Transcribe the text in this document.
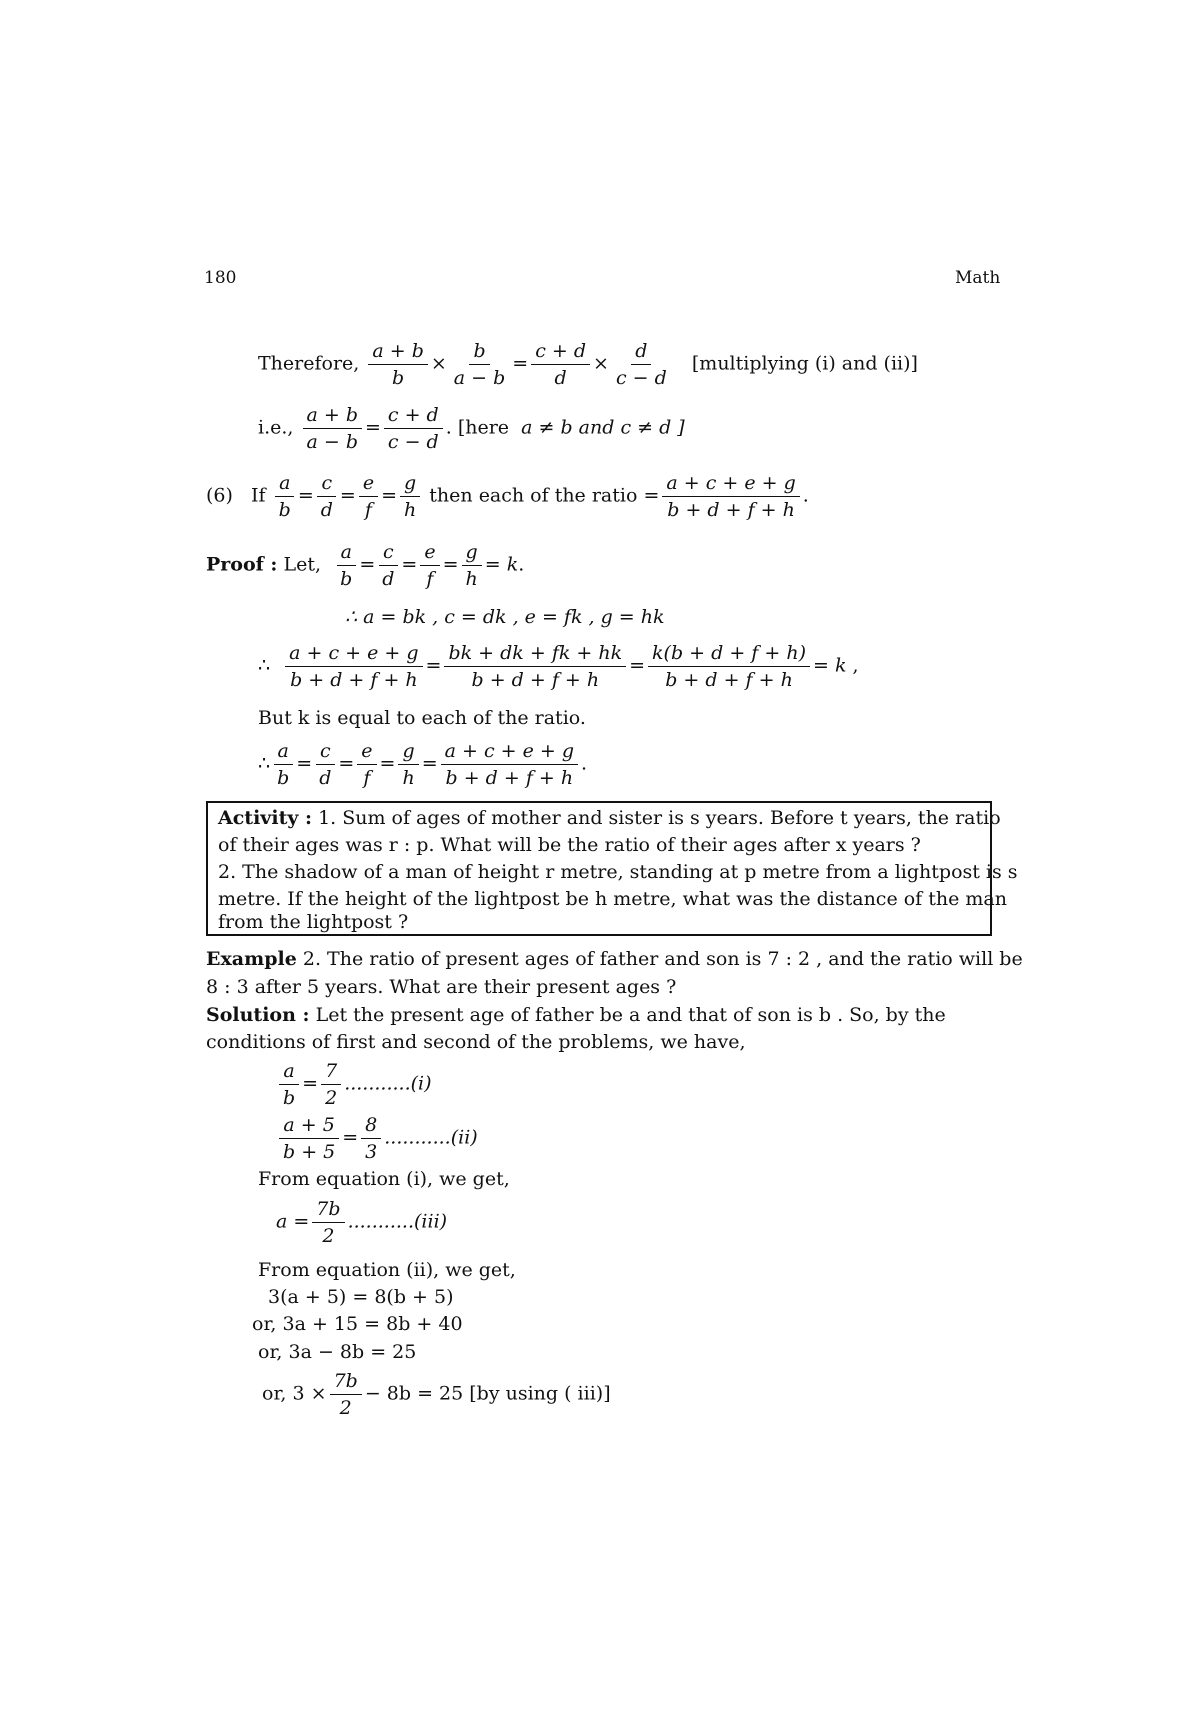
180	Math
Therefore, $\frac{a + b}{b} \times \frac{b}{a - b} = \frac{c + d}{d} \times \frac{d}{c - d}$ [multiplying (i) and (ii)]
i.e., $\frac{a + b}{a - b} = \frac{c + d}{c - d}$ . [here a ≠ b and c ≠ d ]
(6) If $\frac{a}{b} = \frac{c}{d} = \frac{e}{f} = \frac{g}{h}$ then each of the ratio = $\frac{a + c + e + g}{b + d + f + h}$ .
Proof : Let, $\frac{a}{b} = \frac{c}{d} = \frac{e}{f} = \frac{g}{h} = k$.
∴ a = bk , c = dk , e = fk , g = hk
∴ $\frac{a + c + e + g}{b + d + f + h} = \frac{bk + dk + fk + hk}{b + d + f + h} = \frac{k(b + d + f + h)}{b + d + f + h} = k$ ,
But k is equal to each of the ratio.
∴ $\frac{a}{b} = \frac{c}{d} = \frac{e}{f} = \frac{g}{h} = \frac{a + c + e + g}{b + d + f + h}$ .
Activity : 1. Sum of ages of mother and sister is s years. Before t years, the ratio
of their ages was r : p. What will be the ratio of their ages after x years ?
2. The shadow of a man of height r metre, standing at p metre from a lightpost is s
metre. If the height of the lightpost be h metre, what was the distance of the man
from the lightpost ?
Example 2. The ratio of present ages of father and son is 7 : 2 , and the ratio will be
8 : 3 after 5 years. What are their present ages ?
Solution : Let the present age of father be a and that of son is b . So, by the
conditions of first and second of the problems, we have,
$\frac{a}{b} = \frac{7}{2} ...........(i)$
$\frac{a + 5}{b + 5} = \frac{8}{3} ...........(ii)$
From equation (i), we get,
$a = \frac{7b}{2} ...........(iii)$
From equation (ii), we get,
3(a + 5) = 8(b + 5)
or, 3a + 15 = 8b + 40
or, 3a − 8b = 25
or, $3 \times \frac{7b}{2} - 8b = 25$ [by using ( iii)]
